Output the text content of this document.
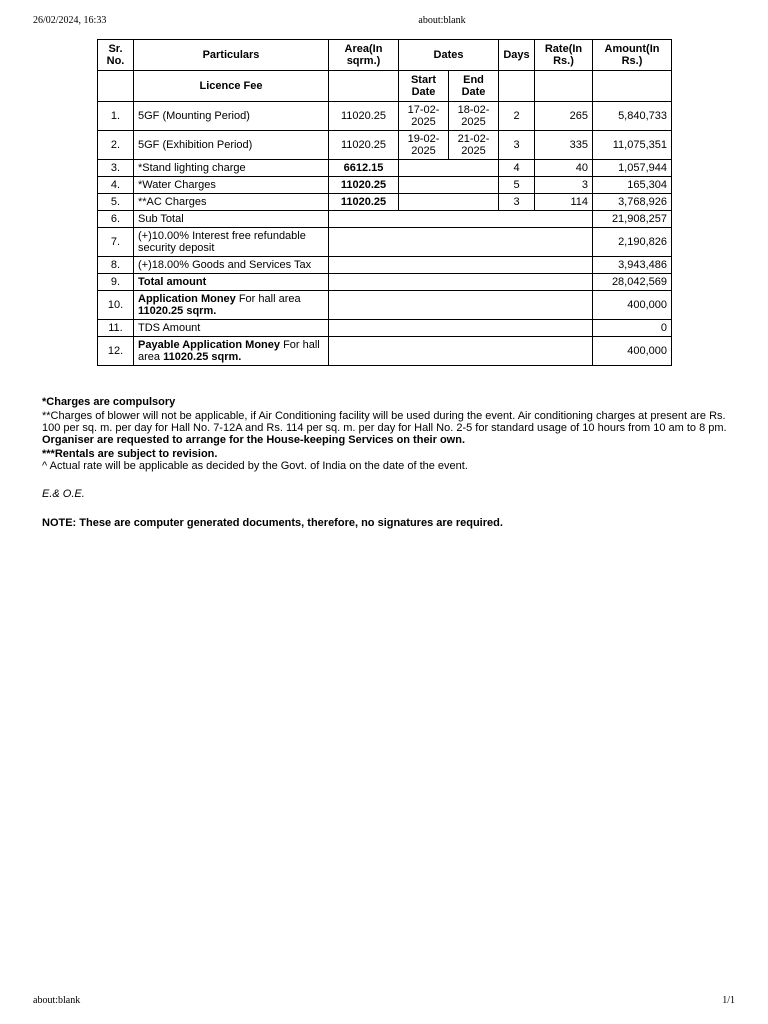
26/02/2024, 16:33	about:blank
Sr. No.	Particulars	Area(In sqrm.)	Dates		Days	Rate(In Rs.)	Amount(In Rs.)
	Licence Fee		Start Date	End Date			
1.	5GF (Mounting Period)	11020.25	17-02-2025	18-02-2025	2	265	5,840,733
2.	5GF (Exhibition Period)	11020.25	19-02-2025	21-02-2025	3	335	11,075,351
3.	*Stand lighting charge	6612.15			4	40	1,057,944
4.	*Water Charges	11020.25			5	3	165,304
5.	**AC Charges	11020.25			3	114	3,768,926
6.	Sub Total						21,908,257
7.	(+)10.00% Interest free refundable security deposit						2,190,826
8.	(+)18.00% Goods and Services Tax						3,943,486
9.	Total amount						28,042,569
10.	Application Money For hall area 11020.25 sqrm.						400,000
11.	TDS Amount						0
12.	Payable Application Money For hall area 11020.25 sqrm.						400,000

*Charges are compulsory

**Charges of blower will not be applicable, if Air Conditioning facility will be used during the event. Air conditioning charges at present are Rs. 100 per sq. m. per day for Hall No. 7-12A and Rs. 114 per sq. m. per day for Hall No. 2-5 for standard usage of 10 hours from 10 am to 8 pm.

Organiser are requested to arrange for the House-keeping Services on their own.

***Rentals are subject to revision.

^ Actual rate will be applicable as decided by the Govt. of India on the date of the event.

E.& O.E.

NOTE: These are computer generated documents, therefore, no signatures are required.

about:blank	1/1
